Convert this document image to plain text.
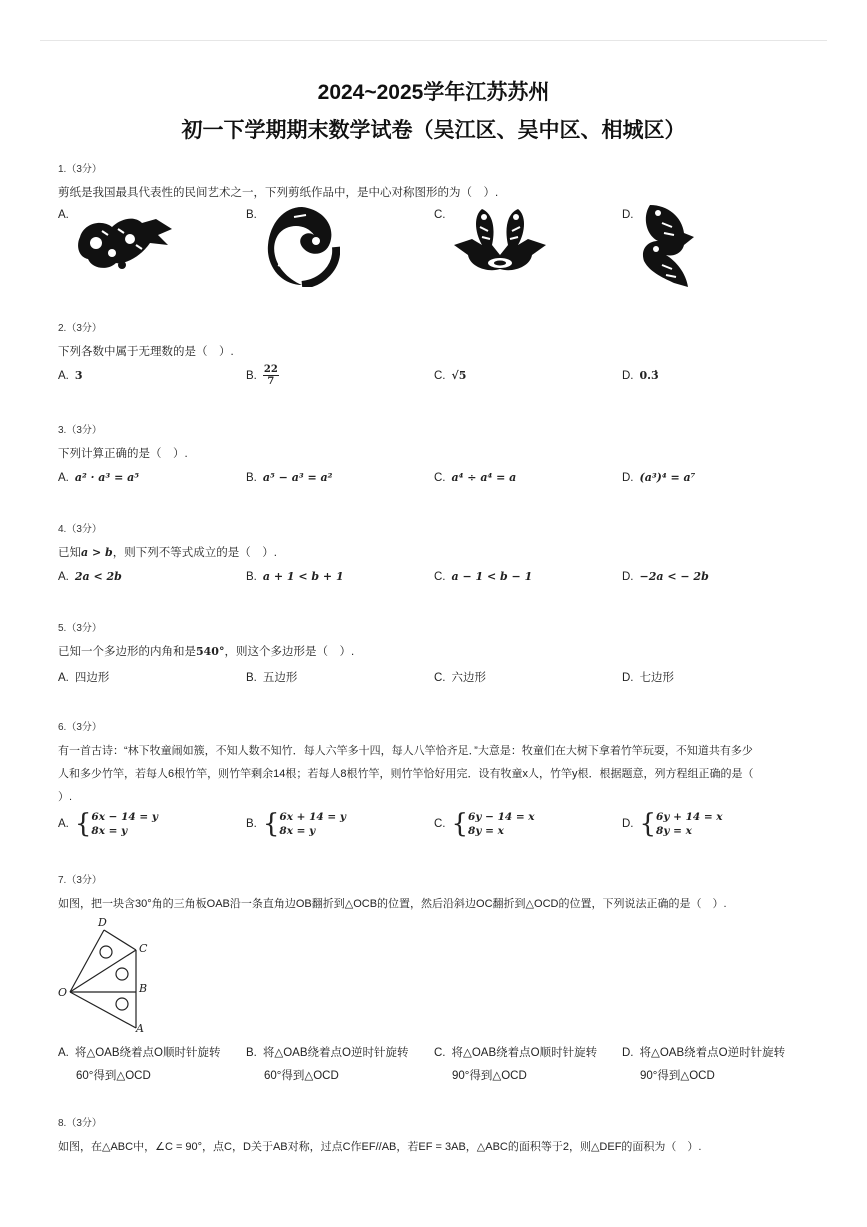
2024~2025学年江苏苏州
初一下学期期末数学试卷（吴江区、吴中区、相城区）
1.（3分）
剪纸是我国最具代表性的民间艺术之一，下列剪纸作品中，是中心对称图形的为（　）.
A.	B.	C.	D.
2.（3分）
下列各数中属于无理数的是（　）.
A. 3	B. $\frac{22}{7}$	C. √5	D. 0.3̇
3.（3分）
下列计算正确的是（　）.
A. a² · a³ = a⁵	B. a⁵ − a³ = a²	C. a⁴ ÷ a⁴ = a	D. (a³)⁴ = a⁷
4.（3分）
已知a > b，则下列不等式成立的是（　）.
A. 2a < 2b	B. a + 1 < b + 1	C. a − 1 < b − 1	D. −2a < − 2b
5.（3分）
已知一个多边形的内角和是540°，则这个多边形是（　）.
A. 四边形	B. 五边形	C. 六边形	D. 七边形
6.（3分）
有一首古诗：“林下牧童闹如簇，不知人数不知竹．每人六竿多十四，每人八竿恰齐足．”大意是：牧童们在大树下拿着竹竿玩耍，不知道共有多少
人和多少竹竿，若每人6根竹竿，则竹竿剩余14根；若每人8根竹竿，则竹竿恰好用完．设有牧童x人，竹竿y根．根据题意，列方程组正确的是（
）.
A. { 6x − 14 = y
8x = y
B. { 6x + 14 = y
8x = y
C. { 6y − 14 = x
8y = x
D. { 6y + 14 = x
8y = x
7.（3分）
如图，把一块含30°角的三角板OAB沿一条直角边OB翻折到△OCB的位置，然后沿斜边OC翻折到△OCD的位置，下列说法正确的是（　）.
D
C
O	B
A
A. 将△OAB绕着点O顺时针旋转
60°得到△OCD
B. 将△OAB绕着点O逆时针旋转
60°得到△OCD
C. 将△OAB绕着点O顺时针旋转
90°得到△OCD
D. 将△OAB绕着点O逆时针旋转
90°得到△OCD
8.（3分）
如图，在△ABC中，∠C = 90°，点C，D关于AB对称，过点C作EF//AB，若EF = 3AB，△ABC的面积等于2，则△DEF的面积为（　）.
